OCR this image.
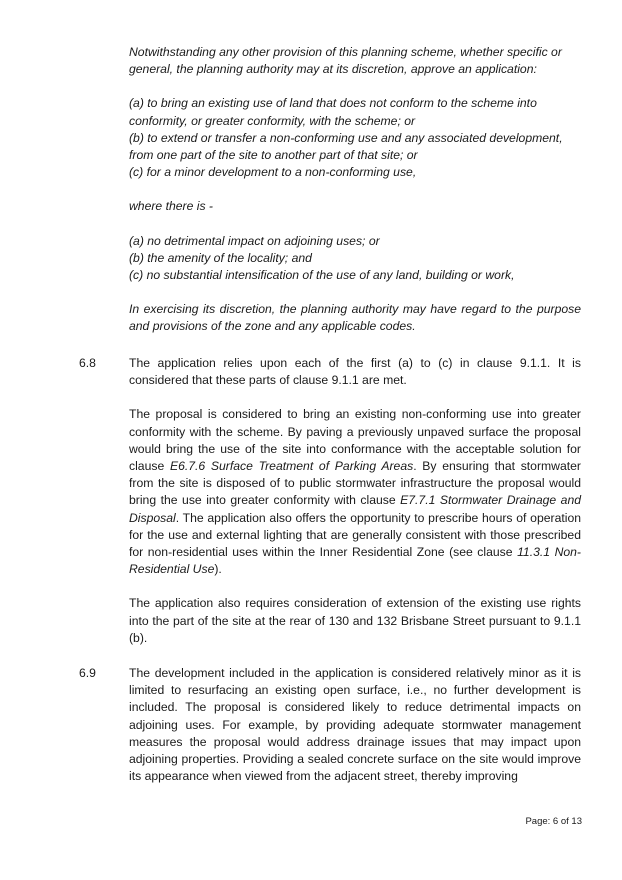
Notwithstanding any other provision of this planning scheme, whether specific or general, the planning authority may at its discretion, approve an application:

(a) to bring an existing use of land that does not conform to the scheme into conformity, or greater conformity, with the scheme; or

(b) to extend or transfer a non-conforming use and any associated development, from one part of the site to another part of that site; or

(c) for a minor development to a non-conforming use,

where there is -

(a) no detrimental impact on adjoining uses; or

(b) the amenity of the locality; and

(c) no substantial intensification of the use of any land, building or work,

In exercising its discretion, the planning authority may have regard to the purpose and provisions of the zone and any applicable codes.

6.8	The application relies upon each of the first (a) to (c) in clause 9.1.1. It is considered that these parts of clause 9.1.1 are met.

The proposal is considered to bring an existing non-conforming use into greater conformity with the scheme. By paving a previously unpaved surface the proposal would bring the use of the site into conformance with the acceptable solution for clause E6.7.6 Surface Treatment of Parking Areas. By ensuring that stormwater from the site is disposed of to public stormwater infrastructure the proposal would bring the use into greater conformity with clause E7.7.1 Stormwater Drainage and Disposal. The application also offers the opportunity to prescribe hours of operation for the use and external lighting that are generally consistent with those prescribed for non-residential uses within the Inner Residential Zone (see clause 11.3.1 Non-Residential Use).

The application also requires consideration of extension of the existing use rights into the part of the site at the rear of 130 and 132 Brisbane Street pursuant to 9.1.1 (b).

6.9	The development included in the application is considered relatively minor as it is limited to resurfacing an existing open surface, i.e., no further development is included. The proposal is considered likely to reduce detrimental impacts on adjoining uses. For example, by providing adequate stormwater management measures the proposal would address drainage issues that may impact upon adjoining properties. Providing a sealed concrete surface on the site would improve its appearance when viewed from the adjacent street, thereby improving

Page: 6 of 13
